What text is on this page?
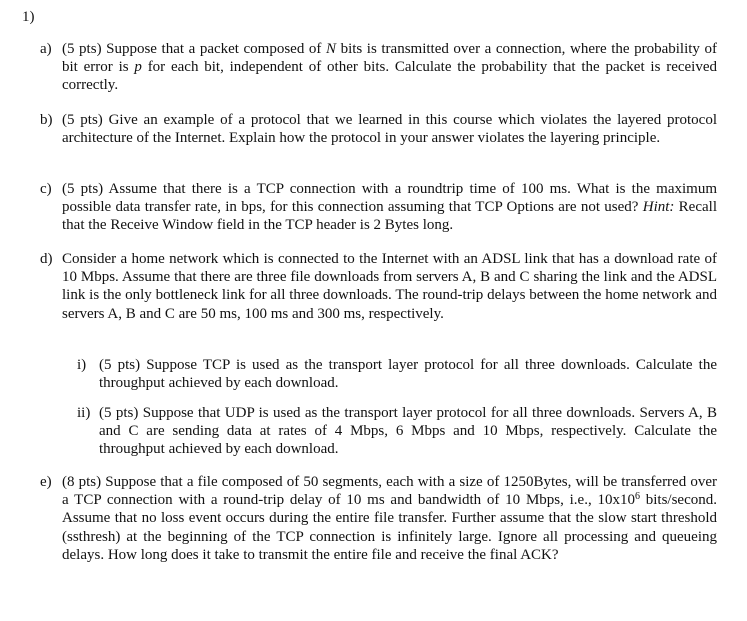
1)
a) (5 pts) Suppose that a packet composed of N bits is transmitted over a connection, where the probability of bit error is p for each bit, independent of other bits. Calculate the probability that the packet is received correctly.
b) (5 pts) Give an example of a protocol that we learned in this course which violates the layered protocol architecture of the Internet. Explain how the protocol in your answer violates the layering principle.
c) (5 pts) Assume that there is a TCP connection with a roundtrip time of 100 ms. What is the maximum possible data transfer rate, in bps, for this connection assuming that TCP Options are not used? Hint: Recall that the Receive Window field in the TCP header is 2 Bytes long.
d) Consider a home network which is connected to the Internet with an ADSL link that has a download rate of 10 Mbps. Assume that there are three file downloads from servers A, B and C sharing the link and the ADSL link is the only bottleneck link for all three downloads. The round-trip delays between the home network and servers A, B and C are 50 ms, 100 ms and 300 ms, respectively.
i) (5 pts) Suppose TCP is used as the transport layer protocol for all three downloads. Calculate the throughput achieved by each download.
ii) (5 pts) Suppose that UDP is used as the transport layer protocol for all three downloads. Servers A, B and C are sending data at rates of 4 Mbps, 6 Mbps and 10 Mbps, respectively. Calculate the throughput achieved by each download.
e) (8 pts) Suppose that a file composed of 50 segments, each with a size of 1250Bytes, will be transferred over a TCP connection with a round-trip delay of 10 ms and bandwidth of 10 Mbps, i.e., $10x10^6$ bits/second. Assume that no loss event occurs during the entire file transfer. Further assume that the slow start threshold (ssthresh) at the beginning of the TCP connection is infinitely large. Ignore all processing and queueing delays. How long does it take to transmit the entire file and receive the final ACK?
